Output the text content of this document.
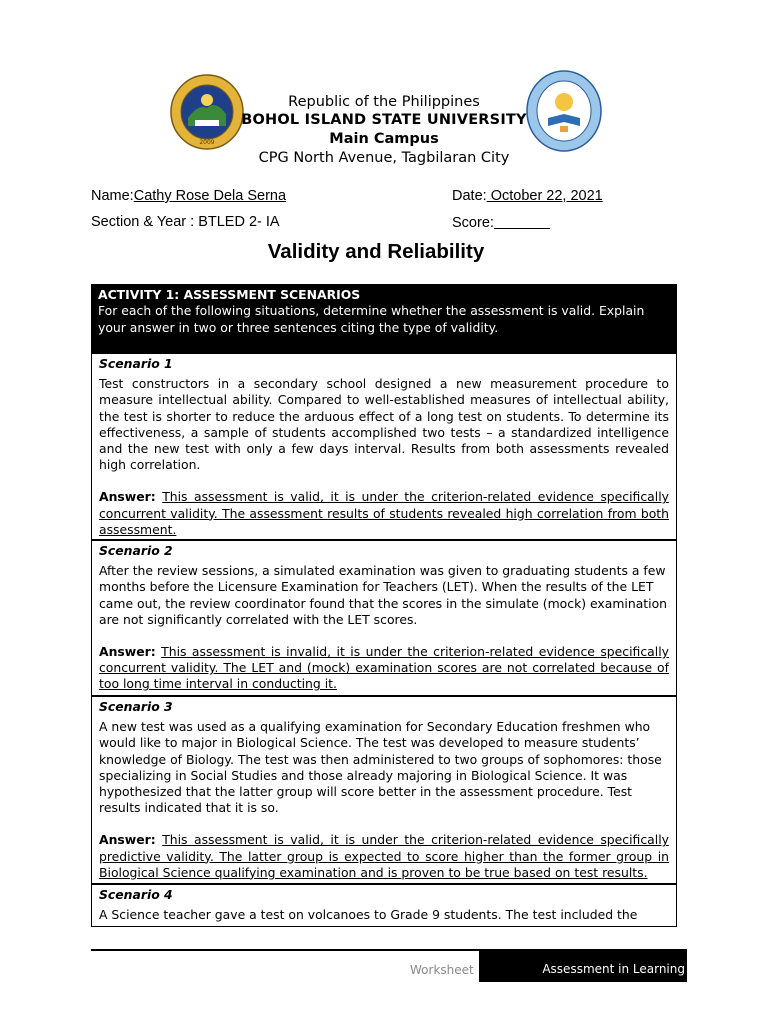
2009
Republic of the Philippines
BOHOL ISLAND STATE UNIVERSITY
Main Campus
CPG North Avenue, Tagbilaran City
Name:Cathy Rose Dela Serna
Section & Year : BTLED 2- IA
Date: October 22, 2021
Score:
Validity and Reliability
ACTIVITY 1: ASSESSMENT SCENARIOS
For each of the following situations, determine whether the assessment is valid. Explain your answer in two or three sentences citing the type of validity.
Scenario 1
Test constructors in a secondary school designed a new measurement procedure to measure intellectual ability. Compared to well-established measures of intellectual ability, the test is shorter to reduce the arduous effect of a long test on students. To determine its effectiveness, a sample of students accomplished two tests – a standardized intelligence and the new test with only a few days interval. Results from both assessments revealed high correlation.
Answer: This assessment is valid, it is under the criterion-related evidence specifically concurrent validity. The assessment results of students revealed high correlation from both assessment.
Scenario 2
After the review sessions, a simulated examination was given to graduating students a few months before the Licensure Examination for Teachers (LET). When the results of the LET came out, the review coordinator found that the scores in the simulate (mock) examination are not significantly correlated with the LET scores.
Answer: This assessment is invalid, it is under the criterion-related evidence specifically concurrent validity. The LET and (mock) examination scores are not correlated because of too long time interval in conducting it.
Scenario 3
A new test was used as a qualifying examination for Secondary Education freshmen who would like to major in Biological Science. The test was developed to measure students’ knowledge of Biology. The test was then administered to two groups of sophomores: those specializing in Social Studies and those already majoring in Biological Science. It was hypothesized that the latter group will score better in the assessment procedure. Test results indicated that it is so.
Answer: This assessment is valid, it is under the criterion-related evidence specifically predictive validity. The latter group is expected to score higher than the former group in Biological Science qualifying examination and is proven to be true based on test results.
Scenario 4
A Science teacher gave a test on volcanoes to Grade 9 students. The test included the
Worksheet	Assessment in Learning
